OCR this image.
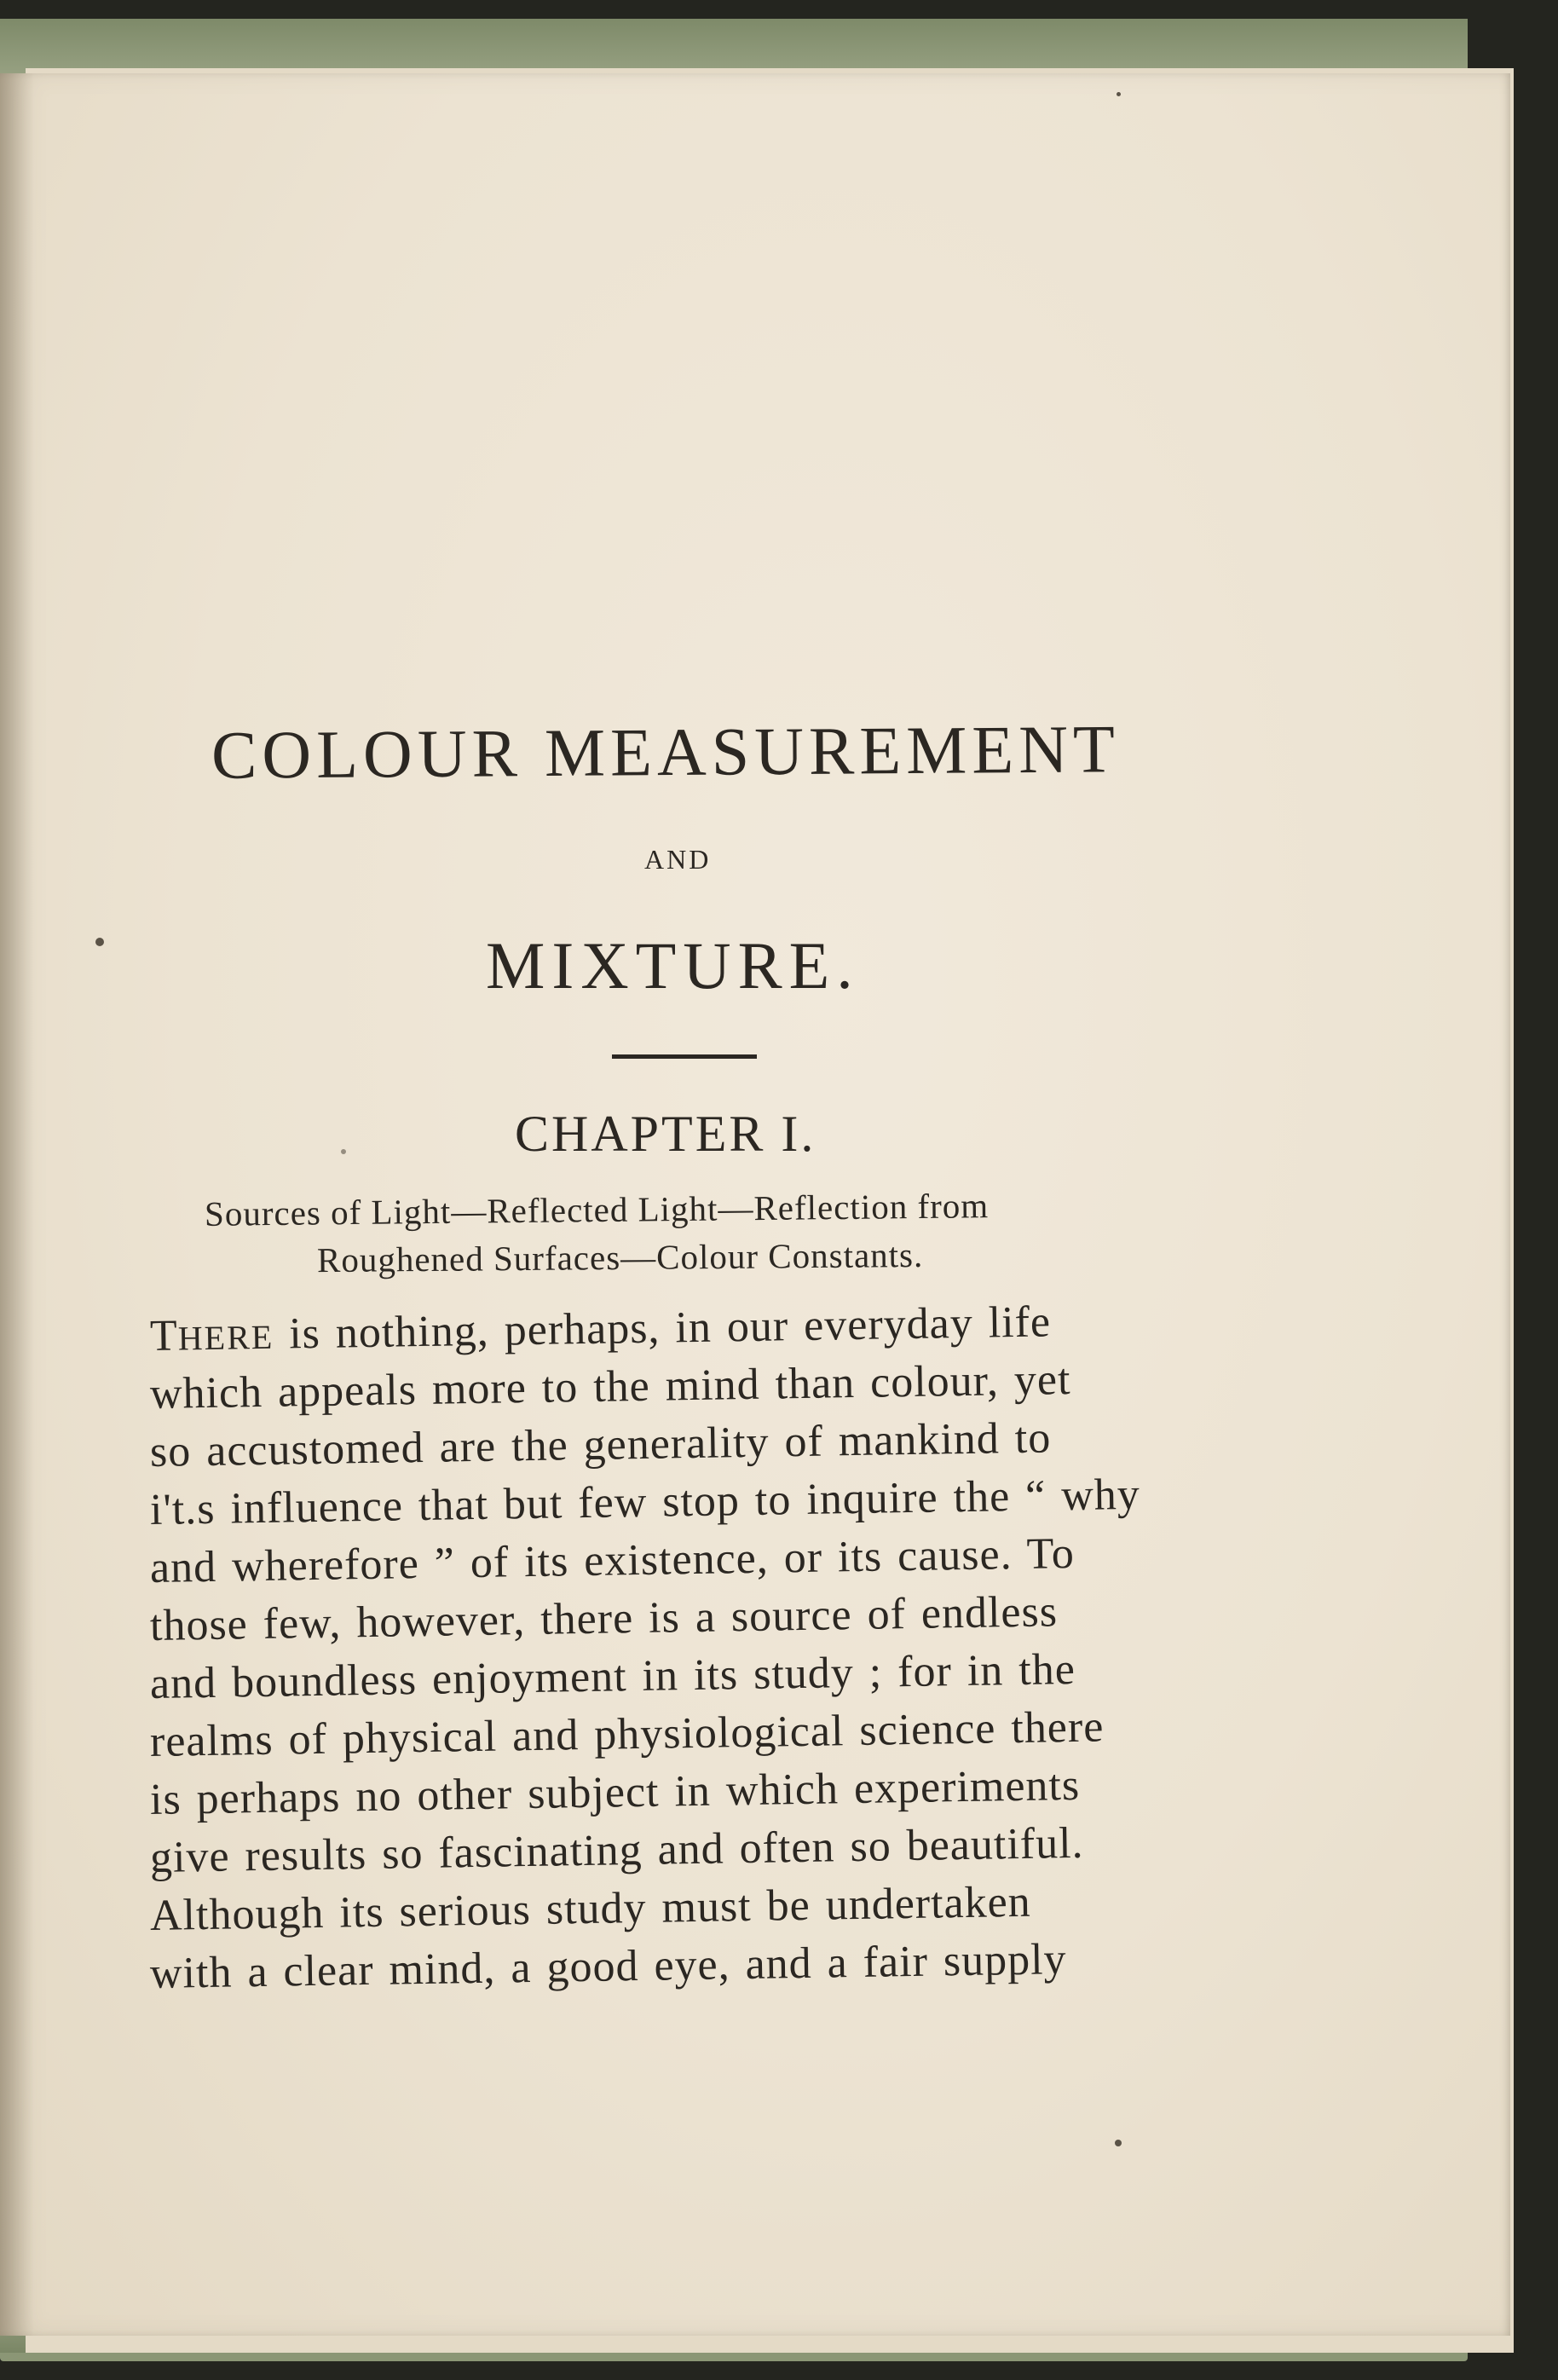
COLOUR MEASUREMENT
AND
MIXTURE.
CHAPTER I.
Sources of Light—Reflected Light—Reflection from
Roughened Surfaces—Colour Constants.
THERE is nothing, perhaps, in our everyday life
which appeals more to the mind than colour, yet
so accustomed are the generality of mankind to
i't.s influence that but few stop to inquire the “ why
and wherefore ” of its existence, or its cause. To
those few, however, there is a source of endless
and boundless enjoyment in its study ; for in the
realms of physical and physiological science there
is perhaps no other subject in which experiments
give results so fascinating and often so beautiful.
Although its serious study must be undertaken
with a clear mind, a good eye, and a fair supply
